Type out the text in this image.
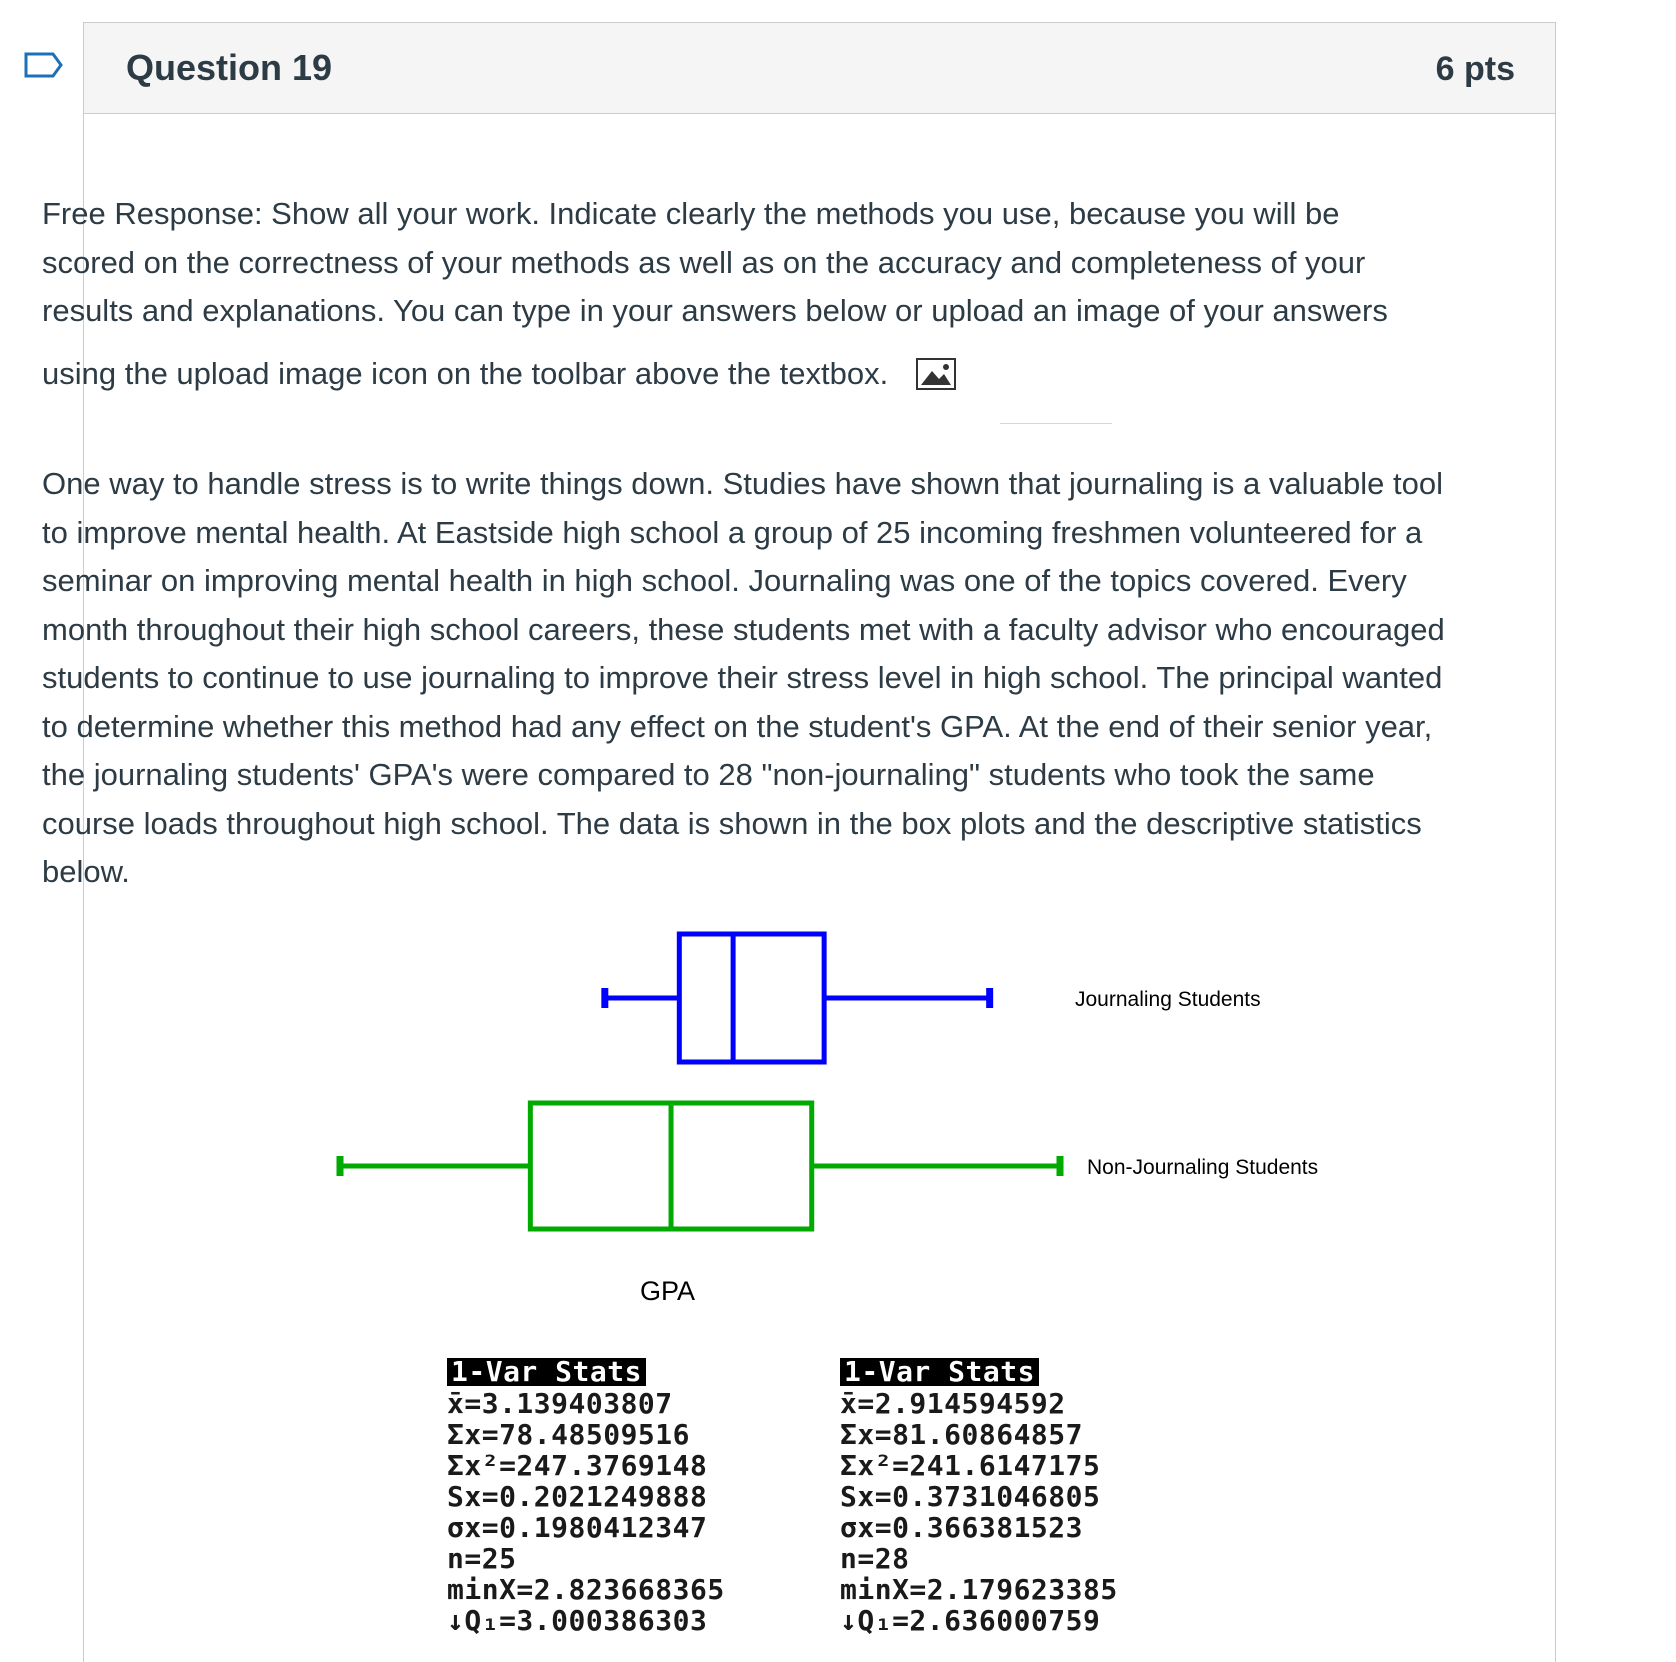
Question 19	6 pts

Free Response: Show all your work. Indicate clearly the methods you use, because you will be scored on the correctness of your methods as well as on the accuracy and completeness of your results and explanations. You can type in your answers below or upload an image of your answers
using the upload image icon on the toolbar above the textbox.

One way to handle stress is to write things down. Studies have shown that journaling is a valuable tool to improve mental health. At Eastside high school a group of 25 incoming freshmen volunteered for a seminar on improving mental health in high school. Journaling was one of the topics covered. Every month throughout their high school careers, these students met with a faculty advisor who encouraged students to continue to use journaling to improve their stress level in high school. The principal wanted to determine whether this method had any effect on the student's GPA. At the end of their senior year, the journaling students' GPA's were compared to 28 "non-journaling" students who took the same course loads throughout high school. The data is shown in the box plots and the descriptive statistics below.

Journaling Students
Non-Journaling Students
GPA
1-Var Stats
x̄=3.139403807
Σx=78.48509516
Σx²=247.3769148
Sx=0.2021249888
σx=0.1980412347
n=25
minX=2.823668365
↓Q₁=3.000386303
1-Var Stats
x̄=2.914594592
Σx=81.60864857
Σx²=241.6147175
Sx=0.3731046805
σx=0.366381523
n=28
minX=2.179623385
↓Q₁=2.636000759
